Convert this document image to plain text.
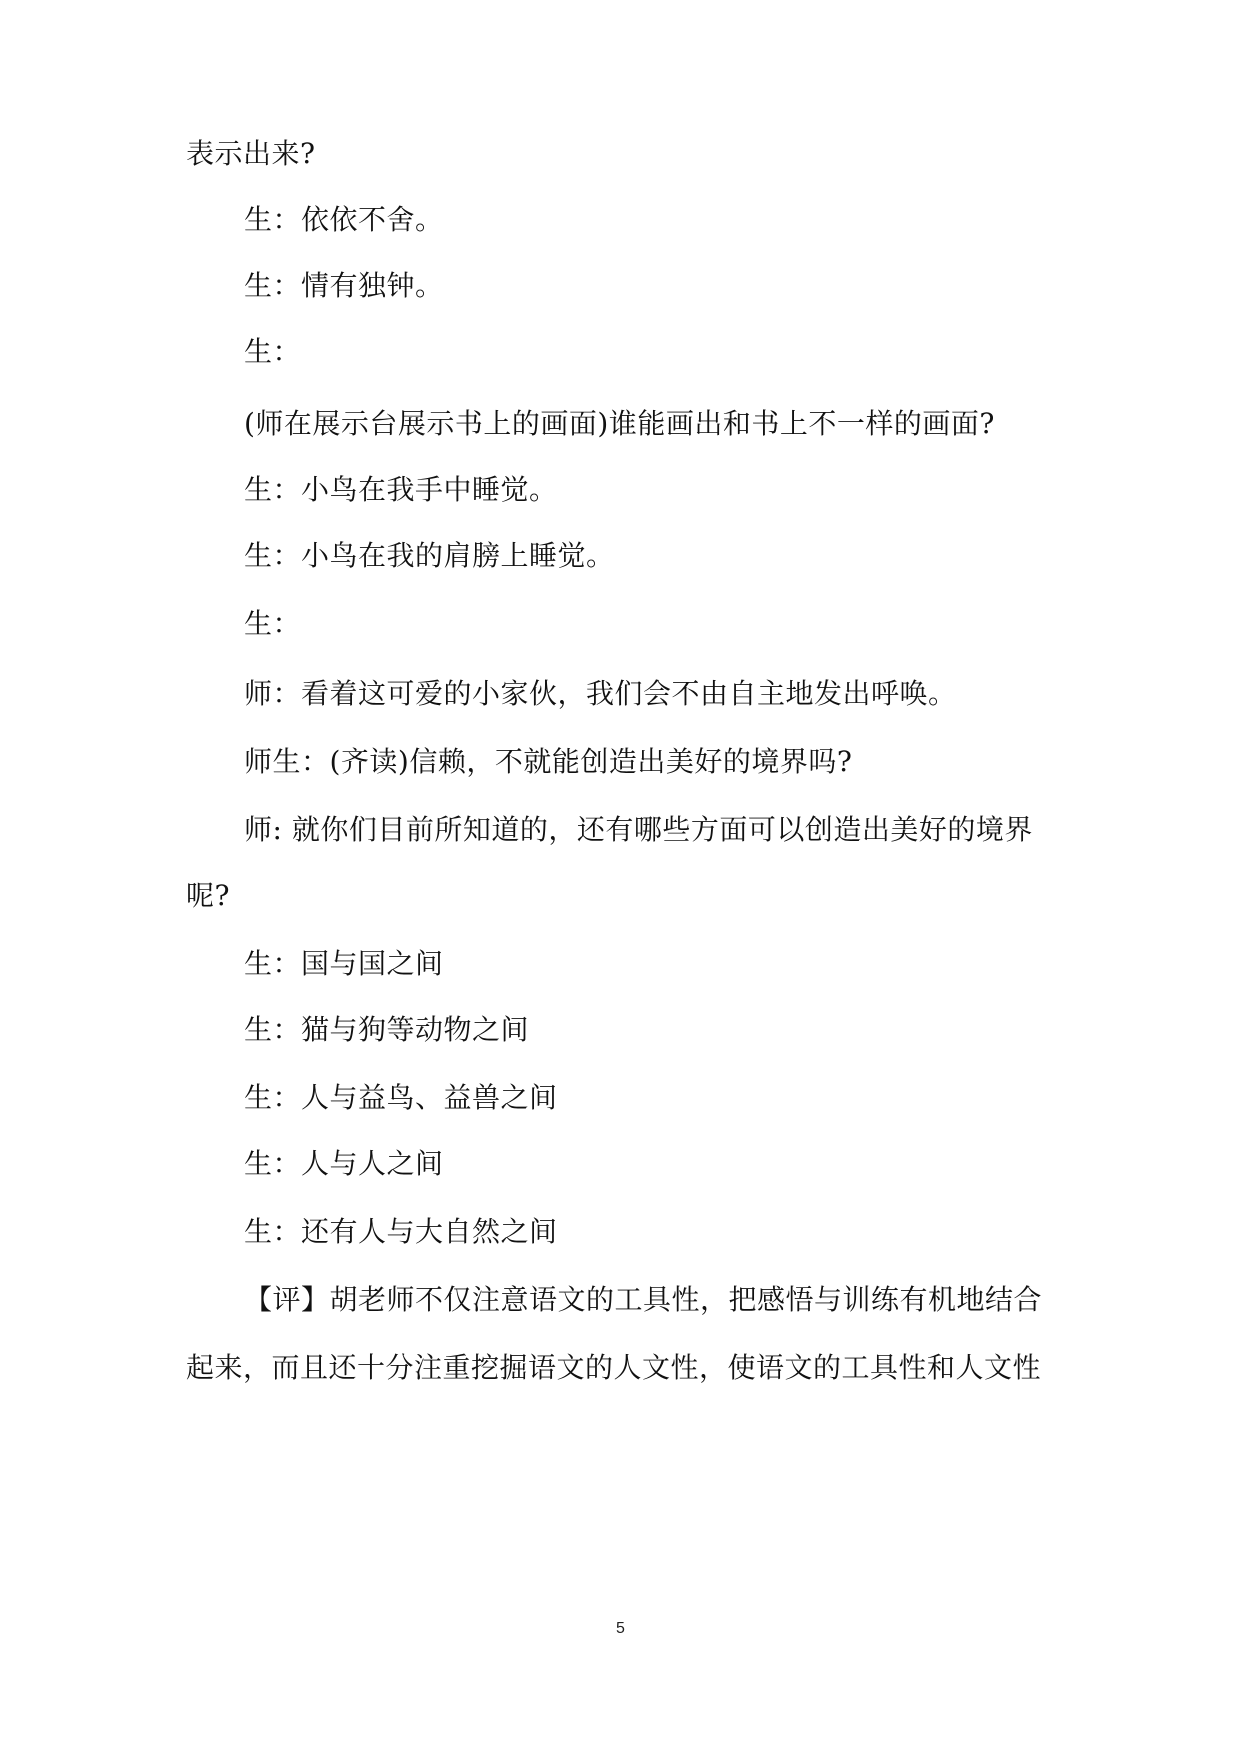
表示出来?
生：依依不舍。
生：情有独钟。
生：
(师在展示台展示书上的画面)谁能画出和书上不一样的画面?
生：小鸟在我手中睡觉。
生：小鸟在我的肩膀上睡觉。
生：
师：看着这可爱的小家伙，我们会不由自主地发出呼唤。
师生：(齐读)信赖，不就能创造出美好的境界吗?
师: 就你们目前所知道的，还有哪些方面可以创造出美好的境界
呢?
生：国与国之间
生：猫与狗等动物之间
生：人与益鸟、益兽之间
生：人与人之间
生：还有人与大自然之间
【评】胡老师不仅注意语文的工具性，把感悟与训练有机地结合
起来，而且还十分注重挖掘语文的人文性，使语文的工具性和人文性
5
